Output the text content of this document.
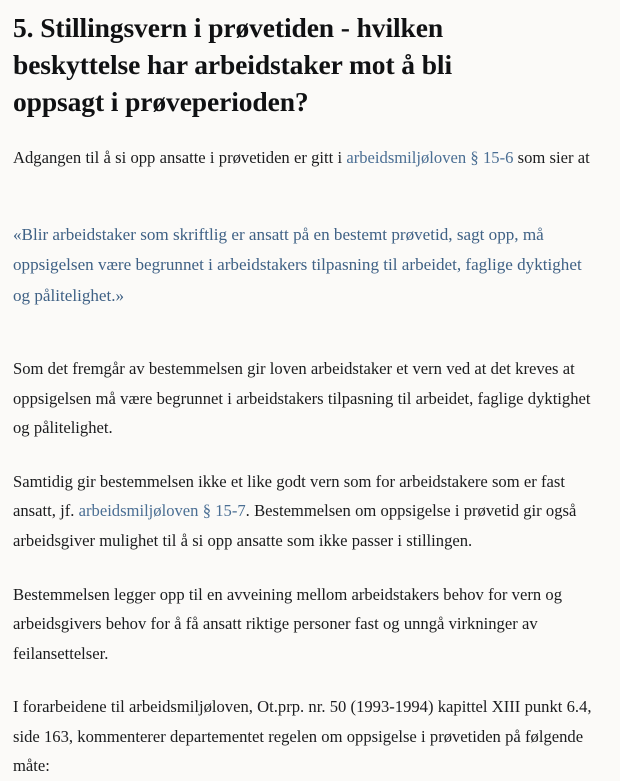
5. Stillingsvern i prøvetiden - hvilken beskyttelse har arbeidstaker mot å bli oppsagt i prøveperioden?

Adgangen til å si opp ansatte i prøvetiden er gitt i arbeidsmiljøloven § 15-6 som sier at

«Blir arbeidstaker som skriftlig er ansatt på en bestemt prøvetid, sagt opp, må  oppsigelsen være begrunnet i arbeidstakers tilpasning til arbeidet, faglige dyktighet  og pålitelighet.»

Som det fremgår av bestemmelsen gir loven arbeidstaker et vern ved at det kreves at oppsigelsen må være begrunnet i arbeidstakers tilpasning til arbeidet, faglige dyktighet og pålitelighet.

Samtidig gir bestemmelsen ikke et like godt vern som for arbeidstakere som er fast ansatt, jf. arbeidsmiljøloven § 15-7. Bestemmelsen om oppsigelse i prøvetid gir også arbeidsgiver mulighet til å si opp ansatte som ikke passer i stillingen.

Bestemmelsen legger opp til en avveining mellom arbeidstakers behov for vern og   arbeidsgivers behov for å få ansatt riktige personer fast og unngå virkninger av   feilansettelser.

I forarbeidene til arbeidsmiljøloven, Ot.prp. nr. 50 (1993-1994) kapittel XIII punkt 6.4,  side 163, kommenterer departementet regelen om oppsigelse i prøvetiden på følgende  måte:
